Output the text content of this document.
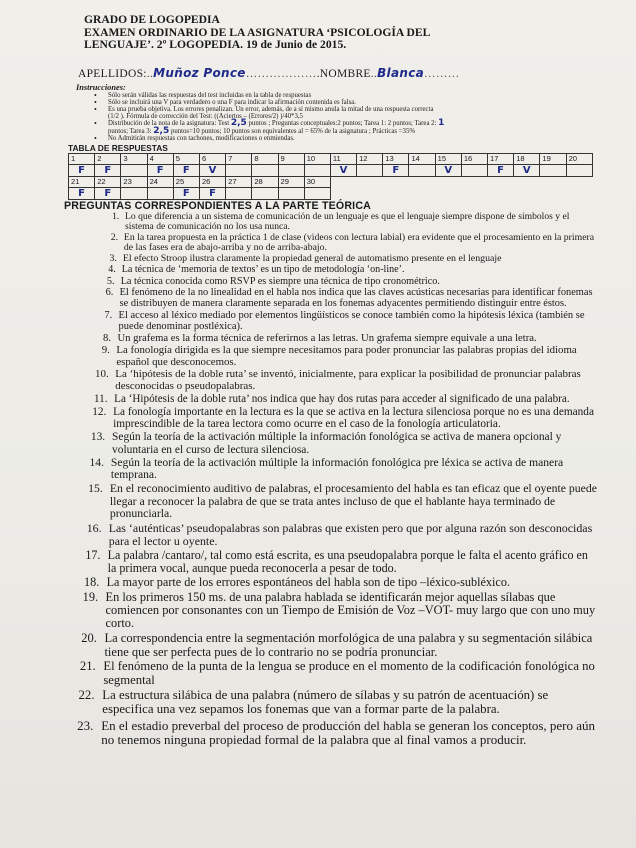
GRADO DE LOGOPEDIA
EXAMEN ORDINARIO DE LA ASIGNATURA ‘PSICOLOGÍA DEL
LENGUAJE’. 2º LOGOPEDIA. 19 de Junio de 2015.
APELLIDOS: .. Muñoz Ponce ……………… .NOMBRE .. Blanca ………
Instrucciones:
• Sólo serán válidas las respuestas del test incluidas en la tabla de respuestas
• Sólo se incluirá una V para verdadero o una F para indicar la afirmación contenida es falsa.
• Es una prueba objetiva. Los errores penalizan. Un error, además, de a sí mismo anula la mitad de una respuesta correcta
(1/2 ). Fórmula de corrección del Test: ((Aciertos – (Errores/2) )/40*3,5
• Distribución de la nota de la asignatura: Test 2,5 puntos ; Preguntas conceptuales:2 puntos; Tarea 1: 2 puntos; Tarea 2: 1
puntos; Tarea 3: 2,5 puntos=10 puntos; 10 puntos son equivalentes al = 65% de la asignatura ; Prácticas =35%
• No Admitirán respuestas con tachones, modificaciones o enmiendas.
TABLA DE RESPUESTAS
1	2	3	4	5	6	7	8	9	10	11	12	13	14	15	16	17	18	19	20
F	F		F	F	V					V		F		V		F	V		
21	22	23	24	25	26	27	28	29	30										
F	F			F	F														
PREGUNTAS CORRESPONDIENTES A LA PARTE TEÓRICA
1. Lo que diferencia a un sistema de comunicación de un lenguaje es que el lenguaje siempre dispone de símbolos y el sistema de comunicación no los usa nunca.
2. En la tarea propuesta en la práctica 1 de clase (videos con lectura labial) era evidente que el procesamiento en la primera de las fases era de abajo-arriba y no de arriba-abajo.
3. El efecto Stroop ilustra claramente la propiedad general de automatismo presente en el lenguaje
4. La técnica de ‘memoria de textos’ es un tipo de metodología ‘on-line’.
5. La técnica conocida como RSVP es siempre una técnica de tipo cronométrico.
6. El fenómeno de la no linealidad en el habla nos indica que las claves acústicas necesarias para identificar fonemas se distribuyen de manera claramente separada en los fonemas adyacentes permitiendo distinguir entre éstos.
7. El acceso al léxico mediado por elementos lingüísticos se conoce también como la hipótesis léxica (también se puede denominar postléxica).
8. Un grafema es la forma técnica de referirnos a las letras. Un grafema siempre equivale a una letra.
9. La fonología dirigida es la que siempre necesitamos para poder pronunciar las palabras propias del idioma español que desconocemos.
10. La ‘hipótesis de la doble ruta’ se inventó, inicialmente, para explicar la posibilidad de pronunciar palabras desconocidas o pseudopalabras.
11. La ‘Hipótesis de la doble ruta’ nos indica que hay dos rutas para acceder al significado de una palabra.
12. La fonología importante en la lectura es la que se activa en la lectura silenciosa porque no es una demanda imprescindible de la tarea lectora como ocurre en el caso de la fonología articulatoria.
13. Según la teoría de la activación múltiple la información fonológica se activa de manera opcional y voluntaria en el curso de lectura silenciosa.
14. Según la teoría de la activación múltiple la información fonológica pre léxica se activa de manera temprana.
15. En el reconocimiento auditivo de palabras, el procesamiento del habla es tan eficaz que el oyente puede llegar a reconocer la palabra de que se trata antes incluso de que el hablante haya terminado de pronunciarla.
16. Las ‘auténticas’ pseudopalabras son palabras que existen pero que por alguna razón son desconocidas para el lector u oyente.
17. La palabra /cantaro/, tal como está escrita, es una pseudopalabra porque le falta el acento gráfico en la primera vocal, aunque pueda reconocerla a pesar de todo.
18. La mayor parte de los errores espontáneos del habla son de tipo –léxico-subléxico.
19. En los primeros 150 ms. de una palabra hablada se identificarán mejor aquellas sílabas que comiencen por consonantes con un Tiempo de Emisión de Voz –VOT- muy largo que con uno muy corto.
20. La correspondencia entre la segmentación morfológica de una palabra y su segmentación silábica tiene que ser perfecta pues de lo contrario no se podría pronunciar.
21. El fenómeno de la punta de la lengua se produce en el momento de la codificación fonológica no segmental
22. La estructura silábica de una palabra (número de sílabas y su patrón de acentuación) se especifica una vez sepamos los fonemas que van a formar parte de la palabra.
23. En el estadio preverbal del proceso de producción del habla se generan los conceptos, pero aún no tenemos ninguna propiedad formal de la palabra que al final vamos a producir.
